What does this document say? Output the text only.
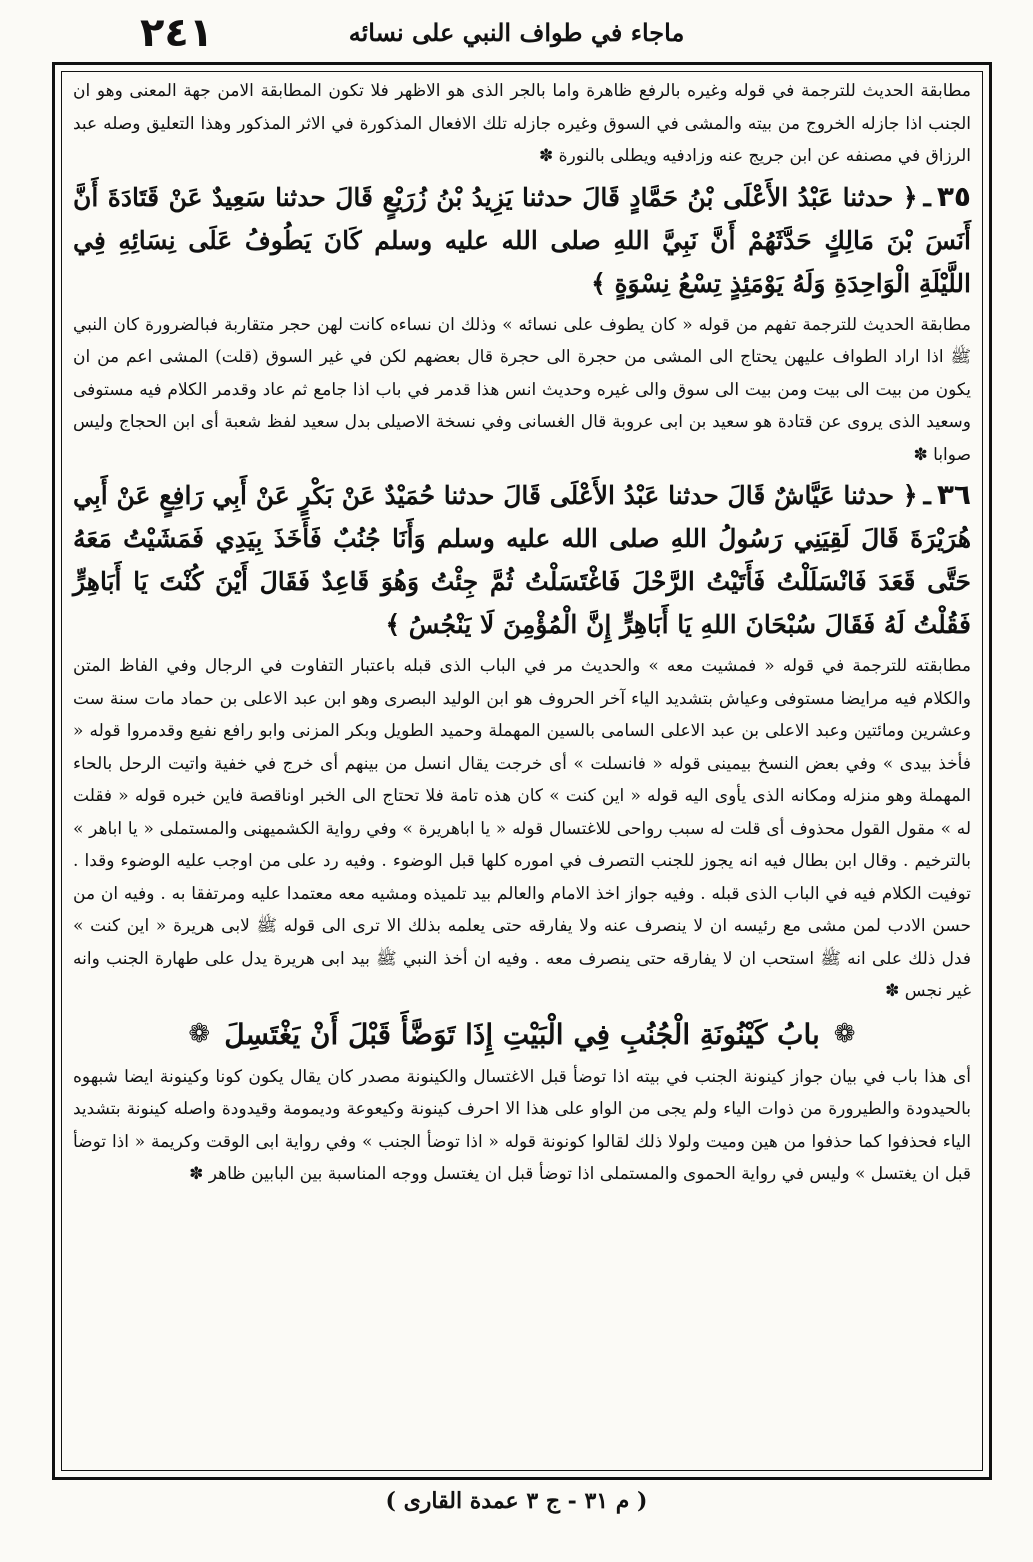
٢٤١	ماجاء في طواف النبي على نسائه

مطابقة الحديث للترجمة في قوله وغيره بالرفع ظاهرة واما بالجر الذى هو الاظهر فلا تكون المطابقة الامن جهة المعنى وهو ان الجنب اذا جازله الخروج من بيته والمشى في السوق وغيره جازله تلك الافعال المذكورة في الاثر المذكور وهذا التعليق وصله عبد الرزاق في مصنفه عن ابن جريج عنه وزادفيه ويطلى بالنورة ✽

٣٥ـ﴿ حدثنا عَبْدُ الأَعْلَى بْنُ حَمَّادٍ قَالَ حدثنا يَزِيدُ بْنُ زُرَيْعٍ قَالَ حدثنا سَعِيدٌ عَنْ قَتَادَةَ أَنَّ أَنَسَ بْنَ مَالِكٍ حَدَّثَهُمْ أَنَّ نَبِيَّ اللهِ صلى الله عليه وسلم كَانَ يَطُوفُ عَلَى نِسَائِهِ فِي اللَّيْلَةِ الْوَاحِدَةِ وَلَهُ يَوْمَئِذٍ تِسْعُ نِسْوَةٍ ﴾

مطابقة الحديث للترجمة تفهم من قوله « كان يطوف على نسائه » وذلك ان نساءه كانت لهن حجر متقاربة فبالضرورة كان النبي ﷺ اذا اراد الطواف عليهن يحتاج الى المشى من حجرة الى حجرة قال بعضهم لكن في غير السوق (قلت) المشى اعم من ان يكون من بيت الى بيت ومن بيت الى سوق والى غيره وحديث انس هذا قدمر في باب اذا جامع ثم عاد وقدمر الكلام فيه مستوفى وسعيد الذى يروى عن قتادة هو سعيد بن ابى عروبة قال الغسانى وفي نسخة الاصيلى بدل سعيد لفظ شعبة أى ابن الحجاج وليس صوابا ✽

٣٦ـ﴿ حدثنا عَيَّاشٌ قَالَ حدثنا عَبْدُ الأَعْلَى قَالَ حدثنا حُمَيْدٌ عَنْ بَكْرٍ عَنْ أَبِي رَافِعٍ عَنْ أَبِي هُرَيْرَةَ قَالَ لَقِيَنِي رَسُولُ اللهِ صلى الله عليه وسلم وَأَنَا جُنُبٌ فَأَخَذَ بِيَدِي فَمَشَيْتُ مَعَهُ حَتَّى قَعَدَ فَانْسَلَلْتُ فَأَتَيْتُ الرَّحْلَ فَاغْتَسَلْتُ ثُمَّ جِئْتُ وَهُوَ قَاعِدٌ فَقَالَ أَيْنَ كُنْتَ يَا أَبَاهِرٍّ فَقُلْتُ لَهُ فَقَالَ سُبْحَانَ اللهِ يَا أَبَاهِرٍّ إِنَّ الْمُؤْمِنَ لَا يَنْجُسُ ﴾

مطابقته للترجمة في قوله « فمشيت معه » والحديث مر في الباب الذى قبله باعتبار التفاوت في الرجال وفي الفاظ المتن والكلام فيه مرايضا مستوفى وعياش بتشديد الياء آخر الحروف هو ابن الوليد البصرى وهو ابن عبد الاعلى بن حماد مات سنة ست وعشرين ومائتين وعبد الاعلى بن عبد الاعلى السامى بالسين المهملة وحميد الطويل وبكر المزنى وابو رافع نفيع وقدمروا قوله « فأخذ بيدى » وفي بعض النسخ بيمينى قوله « فانسلت » أى خرجت يقال انسل من بينهم أى خرج في خفية واتيت الرحل بالحاء المهملة وهو منزله ومكانه الذى يأوى اليه قوله « اين كنت » كان هذه تامة فلا تحتاج الى الخبر اوناقصة فاين خبره قوله « فقلت له » مقول القول محذوف أى قلت له سبب رواحى للاغتسال قوله « يا اباهريرة » وفي رواية الكشميهنى والمستملى « يا اباهر » بالترخيم . وقال ابن بطال فيه انه يجوز للجنب التصرف في اموره كلها قبل الوضوء . وفيه رد على من اوجب عليه الوضوء وقدا . توفيت الكلام فيه في الباب الذى قبله . وفيه جواز اخذ الامام والعالم بيد تلميذه ومشيه معه معتمدا عليه ومرتفقا به . وفيه ان من حسن الادب لمن مشى مع رئيسه ان لا ينصرف عنه ولا يفارقه حتى يعلمه بذلك الا ترى الى قوله ﷺ لابى هريرة « اين كنت » فدل ذلك على انه ﷺ استحب ان لا يفارقه حتى ينصرف معه . وفيه ان أخذ النبي ﷺ بيد ابى هريرة يدل على طهارة الجنب وانه غير نجس ✽

❁
بابُ كَيْنُونَةِ الْجُنُبِ فِي الْبَيْتِ إِذَا تَوَضَّأَ قَبْلَ أَنْ يَغْتَسِلَ
❁

أى هذا باب في بيان جواز كينونة الجنب في بيته اذا توضأ قبل الاغتسال والكينونة مصدر كان يقال يكون كونا وكينونة ايضا شبهوه بالحيدودة والطيرورة من ذوات الياء ولم يجى من الواو على هذا الا احرف كينونة وكيعوعة وديمومة وقيدودة واصله كينونة بتشديد الياء فحذفوا كما حذفوا من هين وميت ولولا ذلك لقالوا كونونة قوله « اذا توضأ الجنب » وفي رواية ابى الوقت وكريمة « اذا توضأ قبل ان يغتسل » وليس في رواية الحموى والمستملى اذا توضأ قبل ان يغتسل ووجه المناسبة بين البابين ظاهر ✽

( م ٣١ - ج ٣ عمدة القارى )
